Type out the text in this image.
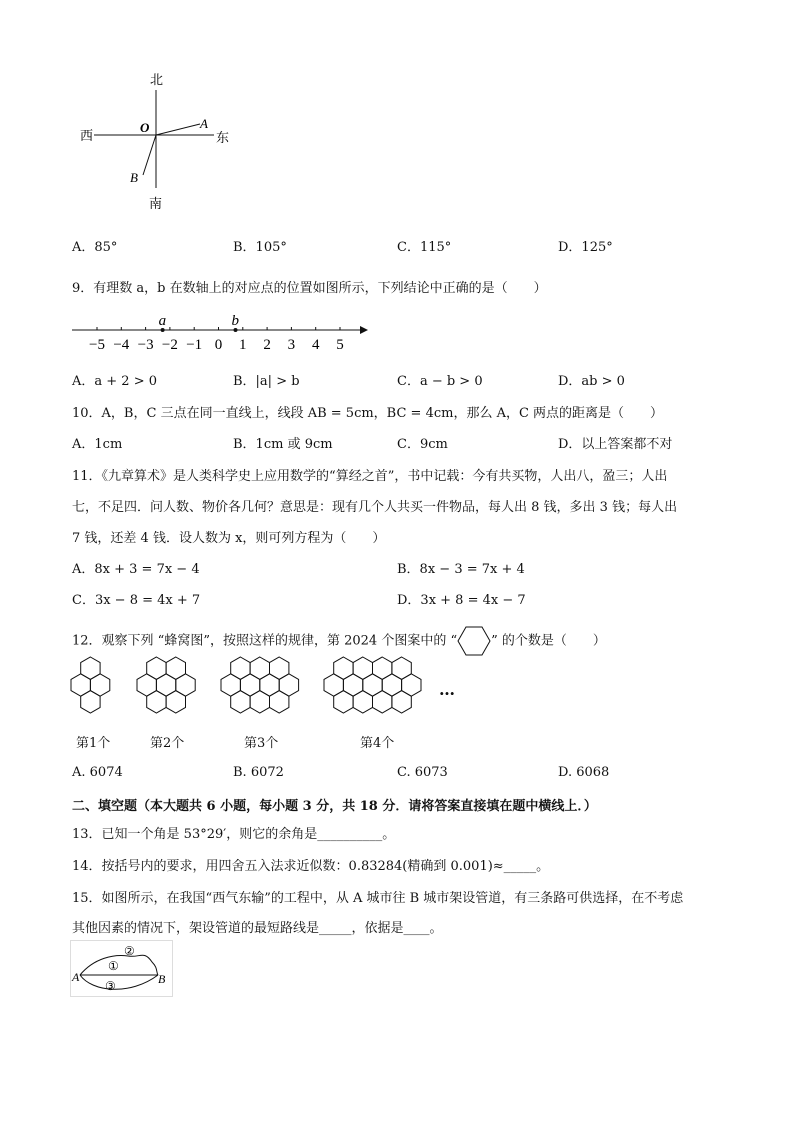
北
南
西	东
O	A
B
A．85°	B．105°	C．115°	D．125°
9．有理数 a，b 在数轴上的对应点的位置如图所示，下列结论中正确的是（　　）
−5 −4 −3 −2 −1 0 1 2 3 4 5
a	b
A．a + 2 > 0	B．|a| > b	C．a − b > 0	D．ab > 0
10．A，B，C 三点在同一直线上，线段 AB = 5cm，BC = 4cm，那么 A，C 两点的距离是（　　）
A．1cm	B．1cm 或 9cm	C．9cm	D．以上答案都不对
11．《九章算术》是人类科学史上应用数学的“算经之首”，书中记载：今有共买物，人出八，盈三；人出
七，不足四．问人数、物价各几何？意思是：现有几个人共买一件物品，每人出 8 钱，多出 3 钱；每人出
7 钱，还差 4 钱．设人数为 x，则可列方程为（　　）
A．8x + 3 = 7x − 4	B．8x − 3 = 7x + 4
C．3x − 8 = 4x + 7	D．3x + 8 = 4x − 7
12．观察下列 “蜂窝图”，按照这样的规律，第 2024 个图案中的 “	” 的个数是（　　）
…
第1个	第2个	第3个	第4个
A. 6074	B. 6072	C. 6073	D. 6068
二、填空题（本大题共 6 小题，每小题 3 分，共 18 分．请将答案直接填在题中横线上．）
13．已知一个角是 53°29′，则它的余角是__________。
14．按括号内的要求，用四舍五入法求近似数：0.83284(精确到 0.001)≈_____。
15．如图所示，在我国“西气东输”的工程中，从 A 城市往 B 城市架设管道，有三条路可供选择，在不考虑
其他因素的情况下，架设管道的最短路线是_____，依据是____。
A	B
②
①
③
